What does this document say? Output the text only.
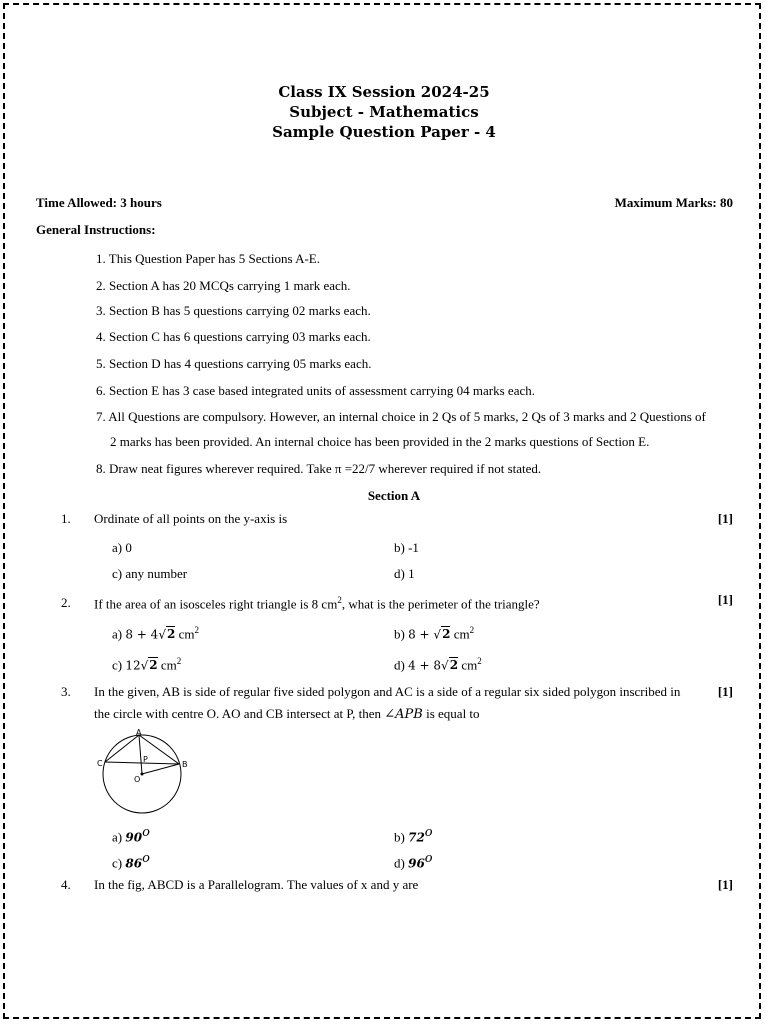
Class IX Session 2024-25
Subject - Mathematics
Sample Question Paper - 4
Time Allowed: 3 hours	Maximum Marks: 80
General Instructions:
1. This Question Paper has 5 Sections A-E.
2. Section A has 20 MCQs carrying 1 mark each.
3. Section B has 5 questions carrying 02 marks each.
4. Section C has 6 questions carrying 03 marks each.
5. Section D has 4 questions carrying 05 marks each.
6. Section E has 3 case based integrated units of assessment carrying 04 marks each.
7. All Questions are compulsory. However, an internal choice in 2 Qs of 5 marks, 2 Qs of 3 marks and 2 Questions of
2 marks has been provided. An internal choice has been provided in the 2 marks questions of Section E.
8. Draw neat figures wherever required. Take π =22/7 wherever required if not stated.
Section A
1. Ordinate of all points on the y-axis is	[1]
a) 0	b) -1
c) any number	d) 1
2. If the area of an isosceles right triangle is 8 $cm^2$, what is the perimeter of the triangle?	[1]
a) 8 + 4√2 $cm^2$	b) 8 + √2 $cm^2$
c) 12√2 $cm^2$	d) 4 + 8√2 $cm^2$
3. In the given, AB is side of regular five sided polygon and AC is a side of a regular six sided polygon inscribed in	[1]
the circle with centre O. AO and CB intersect at P, then ∠APB is equal to
A
B
C
O
P
a) 90$^o$	b) 72$^o$
c) 86$^o$	d) 96$^o$
4. In the fig, ABCD is a Parallelogram. The values of x and y are	[1]
